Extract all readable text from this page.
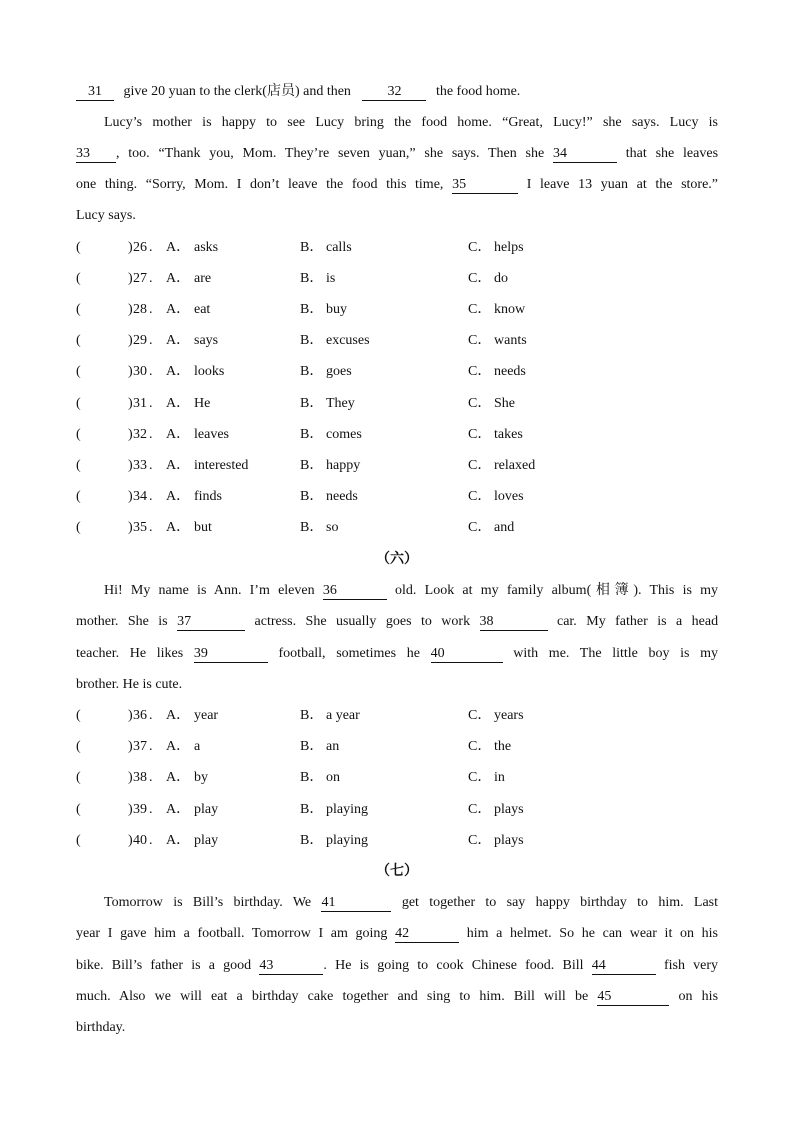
31 give 20 yuan to the clerk(店员) and then	32 the food home.
Lucy’s mother is happy to see Lucy bring the food home. “Great, Lucy!” she says. Lucy is
33 , too. “Thank you, Mom. They’re seven yuan,” she says. Then she 34	that she leaves
one thing. “Sorry, Mom. I don’t leave the food this time, 35	I leave 13 yuan at the store.”
Lucy says.
(	) 26 . A． asks	B． calls	C． helps
(	) 27 . A． are	B． is	C． do
(	) 28 . A． eat	B． buy	C． know
(	) 29 . A． says	B． excuses	C． wants
(	) 30 . A． looks	B． goes	C． needs
(	) 31 . A． He	B． They	C． She
(	) 32 . A． leaves	B． comes	C． takes
(	) 33 . A． interested	B． happy	C． relaxed
(	) 34 . A． finds	B． needs	C． loves
(	) 35 . A． but	B． so	C． and
（六）
Hi! My name is Ann. I’m eleven 36	old. Look at my family album(相簿). This is my
mother. She is 37	actress. She usually goes to work 38	car. My father is a head
teacher. He likes 39	football, sometimes he 40	with me. The little boy is my
brother. He is cute.
(	) 36 . A． year	B． a year	C． years
(	) 37 . A． a	B． an	C． the
(	) 38 . A． by	B． on	C． in
(	) 39 . A． play	B． playing	C． plays
(	) 40 . A． play	B． playing	C． plays
（七）
Tomorrow is Bill’s birthday. We 41	get together to say happy birthday to him. Last
year I gave him a football. Tomorrow I am going 42	him a helmet. So he can wear it on his
bike. Bill’s father is a good 43	. He is going to cook Chinese food. Bill 44	fish very
much. Also we will eat a birthday cake together and sing to him. Bill will be 45	on his
birthday.
